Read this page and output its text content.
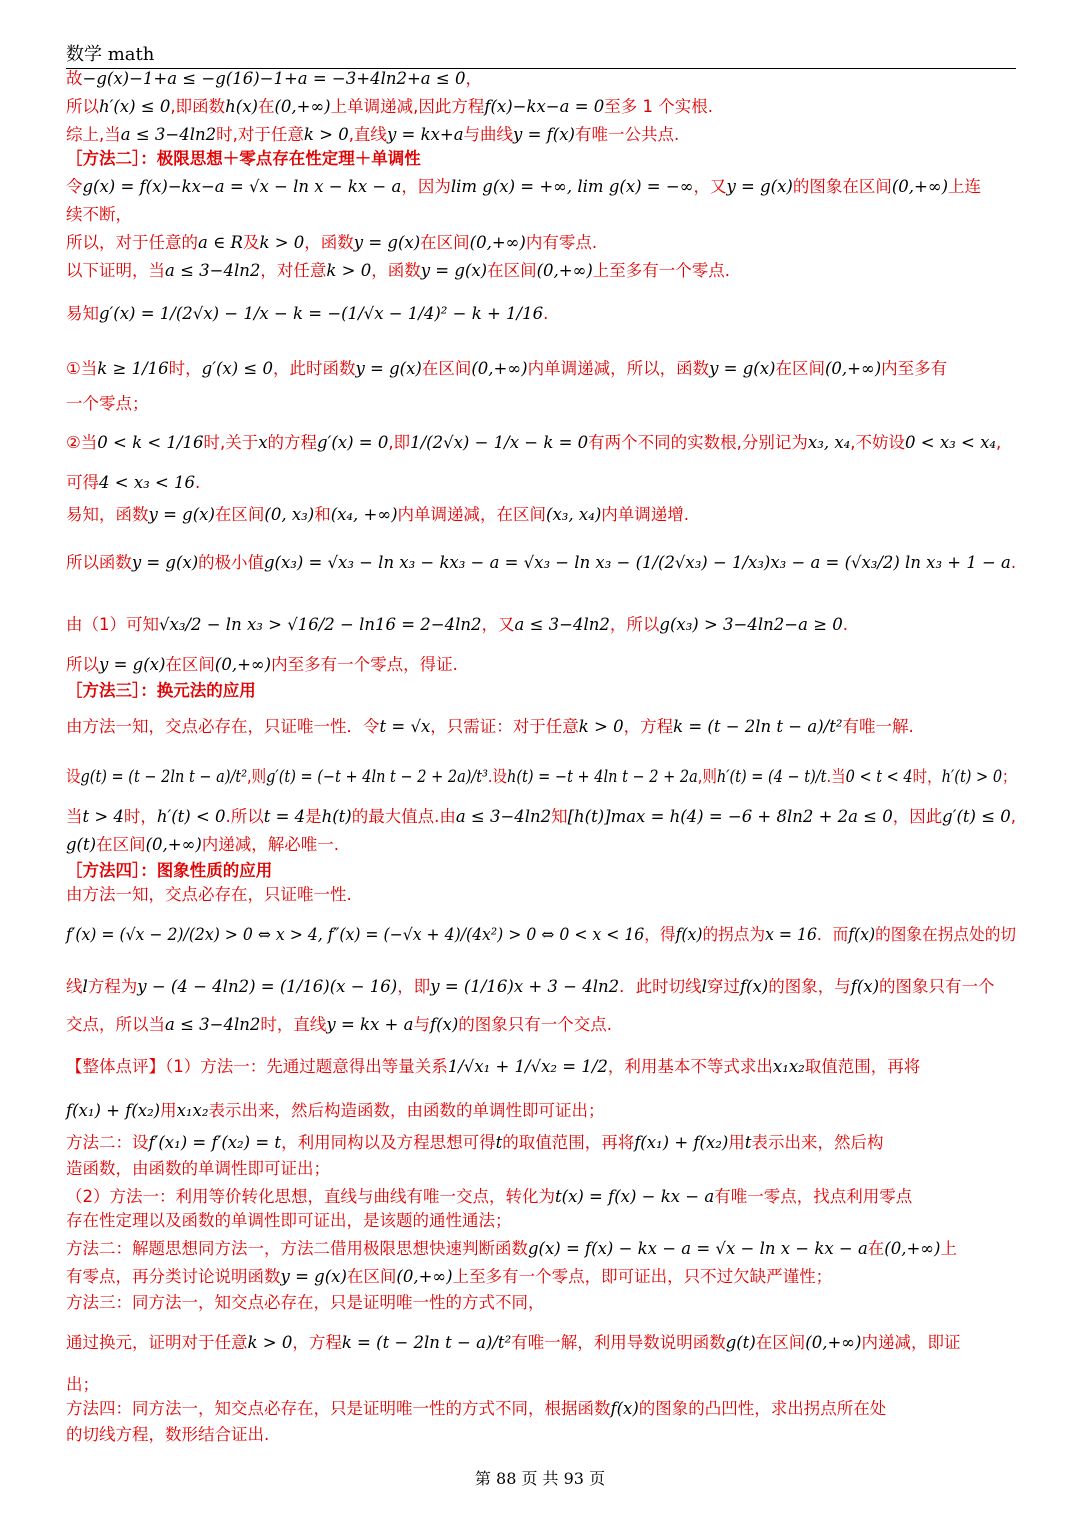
数学 math
故−g(x)−1+a ≤ −g(16)−1+a = −3+4ln2+a ≤ 0，
所以h′(x) ≤ 0,即函数h(x)在(0,+∞)上单调递减,因此方程f(x)−kx−a = 0至多 1 个实根.
综上,当a ≤ 3−4ln2时,对于任意k > 0,直线y = kx+a与曲线y = f(x)有唯一公共点.
［方法二］：极限思想＋零点存在性定理＋单调性
令g(x) = f(x)−kx−a = √x − ln x − kx − a，因为lim g(x) = +∞, lim g(x) = −∞，又y = g(x)的图象在区间(0,+∞)上连
续不断，
所以，对于任意的a ∈ R及k > 0，函数y = g(x)在区间(0,+∞)内有零点.
以下证明，当a ≤ 3−4ln2，对任意k > 0，函数y = g(x)在区间(0,+∞)上至多有一个零点.
易知g′(x) = 1/(2√x) − 1/x − k = −(1/√x − 1/4)² − k + 1/16.
①当k ≥ 1/16时，g′(x) ≤ 0，此时函数y = g(x)在区间(0,+∞)内单调递减，所以，函数y = g(x)在区间(0,+∞)内至多有
一个零点；
②当0 < k < 1/16时,关于x的方程g′(x) = 0,即1/(2√x) − 1/x − k = 0有两个不同的实数根,分别记为x₃, x₄,不妨设0 < x₃ < x₄,
可得4 < x₃ < 16.
易知，函数y = g(x)在区间(0, x₃)和(x₄, +∞)内单调递减，在区间(x₃, x₄)内单调递增.
所以函数y = g(x)的极小值g(x₃) = √x₃ − ln x₃ − kx₃ − a = √x₃ − ln x₃ − (1/(2√x₃) − 1/x₃)x₃ − a = (√x₃/2) ln x₃ + 1 − a.
由（1）可知√x₃/2 − ln x₃ > √16/2 − ln16 = 2−4ln2，又a ≤ 3−4ln2，所以g(x₃) > 3−4ln2−a ≥ 0.
所以y = g(x)在区间(0,+∞)内至多有一个零点，得证.
［方法三］：换元法的应用
由方法一知，交点必存在，只证唯一性．令t = √x，只需证：对于任意k > 0，方程k = (t − 2ln t − a)/t²有唯一解.
设g(t) = (t − 2ln t − a)/t²,则g′(t) = (−t + 4ln t − 2 + 2a)/t³.设h(t) = −t + 4ln t − 2 + 2a,则h′(t) = (4 − t)/t.当0 < t < 4时，h′(t) > 0；
当t > 4时，h′(t) < 0.所以t = 4是h(t)的最大值点.由a ≤ 3−4ln2知[h(t)]max = h(4) = −6 + 8ln2 + 2a ≤ 0，因此g′(t) ≤ 0,
g(t)在区间(0,+∞)内递减，解必唯一.
［方法四］：图象性质的应用
由方法一知，交点必存在，只证唯一性.
f′(x) = (√x − 2)/(2x) > 0 ⇔ x > 4, f″(x) = (−√x + 4)/(4x²) > 0 ⇔ 0 < x < 16，得f(x)的拐点为x = 16．而f(x)的图象在拐点处的切
线l方程为y − (4 − 4ln2) = (1/16)(x − 16)，即y = (1/16)x + 3 − 4ln2．此时切线l穿过f(x)的图象，与f(x)的图象只有一个
交点，所以当a ≤ 3−4ln2时，直线y = kx + a与f(x)的图象只有一个交点.
【整体点评】（1）方法一：先通过题意得出等量关系1/√x₁ + 1/√x₂ = 1/2，利用基本不等式求出x₁x₂取值范围，再将
f(x₁) + f(x₂)用x₁x₂表示出来，然后构造函数，由函数的单调性即可证出；
方法二：设f′(x₁) = f′(x₂) = t，利用同构以及方程思想可得t的取值范围，再将f(x₁) + f(x₂)用t表示出来，然后构
造函数，由函数的单调性即可证出；
（2）方法一：利用等价转化思想，直线与曲线有唯一交点，转化为t(x) = f(x) − kx − a有唯一零点，找点利用零点
存在性定理以及函数的单调性即可证出，是该题的通性通法；
方法二：解题思想同方法一，方法二借用极限思想快速判断函数g(x) = f(x) − kx − a = √x − ln x − kx − a在(0,+∞)上
有零点，再分类讨论说明函数y = g(x)在区间(0,+∞)上至多有一个零点，即可证出，只不过欠缺严谨性；
方法三：同方法一，知交点必存在，只是证明唯一性的方式不同，
通过换元，证明对于任意k > 0，方程k = (t − 2ln t − a)/t²有唯一解，利用导数说明函数g(t)在区间(0,+∞)内递减，即证
出；
方法四：同方法一，知交点必存在，只是证明唯一性的方式不同，根据函数f(x)的图象的凸凹性，求出拐点所在处
的切线方程，数形结合证出.
第 88 页 共 93 页
